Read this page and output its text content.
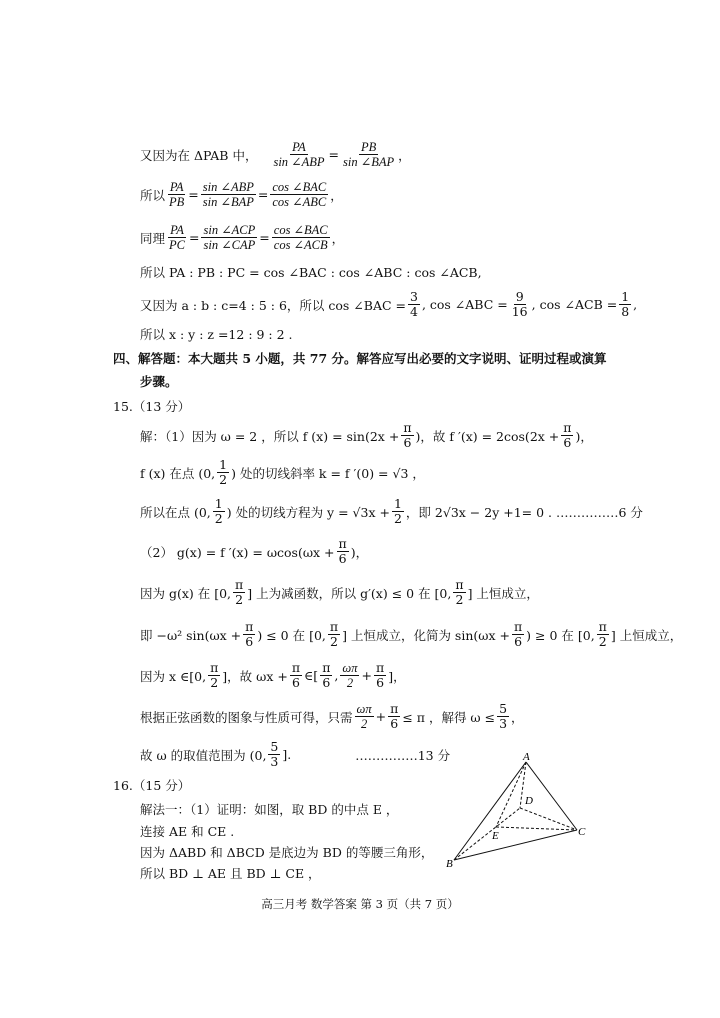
又因为在 ΔPAB 中， $\frac{PA}{\text{sin ∠ABP}} = \frac{PB}{\text{sin ∠BAP}}$ ，
所以 $\frac{PA}{PB} = \frac{\text{sin ∠ABP}}{\text{sin ∠BAP}} = \frac{\text{cos ∠BAC}}{\text{cos ∠ABC}}$ ，
同理 $\frac{PA}{PC} = \frac{\text{sin ∠ACP}}{\text{sin ∠CAP}} = \frac{\text{cos ∠BAC}}{\text{cos ∠ACB}}$ ，
所以 PA : PB : PC = cos ∠BAC : cos ∠ABC : cos ∠ACB,
又因为 a : b : c=4 : 5 : 6，所以 cos ∠BAC = $\frac{3}{4}$ , cos ∠ABC = $\frac{9}{16}$ , cos ∠ACB = $\frac{1}{8}$ ,
所以 x : y : z =12 : 9 : 2 .
四、解答题：本大题共 5 小题，共 77 分。解答应写出必要的文字说明、证明过程或演算
步骤。
15.（13 分）
解：（1）因为 ω = 2 ，所以 f $(x) = \sin(2x + \frac{\pi}{6}$ )，故 f $'(x) = 2\cos(2x + \frac{\pi}{6}$ )，
f (x) 在点 (0, $\frac{1}{2}$ ) 处的切线斜率 k = f ′(0) = √3 ，
所以在点 (0, $\frac{1}{2}$ ) 处的切线方程为 $y = √3x + \frac{1}{2}$ ，即 2√3x − 2y +1= 0 . ……………6 分
（2） g(x) = f $'(x) = \omega\cos(\omega x + \frac{\pi}{6}$ )，
因为 g(x) 在 [0, $\frac{\pi}{2}$ ] 上为减函数，所以 g′(x) ≤ 0 在 [0, $\frac{\pi}{2}$ ] 上恒成立，
即 −ω² $\sin(\omega x + \frac{\pi}{6}$ ) ≤ 0 在 [0, $\frac{\pi}{2}$ ] 上恒成立，化简为 $\sin(\omega x + \frac{\pi}{6}$ ) ≥ 0 在 [0, $\frac{\pi}{2}$ ] 上恒成立，
因为 x ∈[0, $\frac{\pi}{2}$ ]，故 $\omega x + \frac{\pi}{6}$ ∈[ $\frac{\pi}{6}$ , $\frac{\omega\pi}{2} + \frac{\pi}{6}$ ]，
根据正弦函数的图象与性质可得，只需 $\frac{\omega\pi}{2} + \frac{\pi}{6} \le \pi$ ，解得 $\omega \le \frac{5}{3}$ ，
故 ω 的取值范围为 (0, $\frac{5}{3}$ ].	……………13 分
16.（15 分）
解法一：（1）证明：如图，取 BD 的中点 E ，
连接 AE 和 CE .
因为 ΔABD 和 ΔBCD 是底边为 BD 的等腰三角形，
所以 BD ⊥ AE 且 BD ⊥ CE ，
A
D
E	C
B
高三月考 数学答案 第 3 页（共 7 页）
